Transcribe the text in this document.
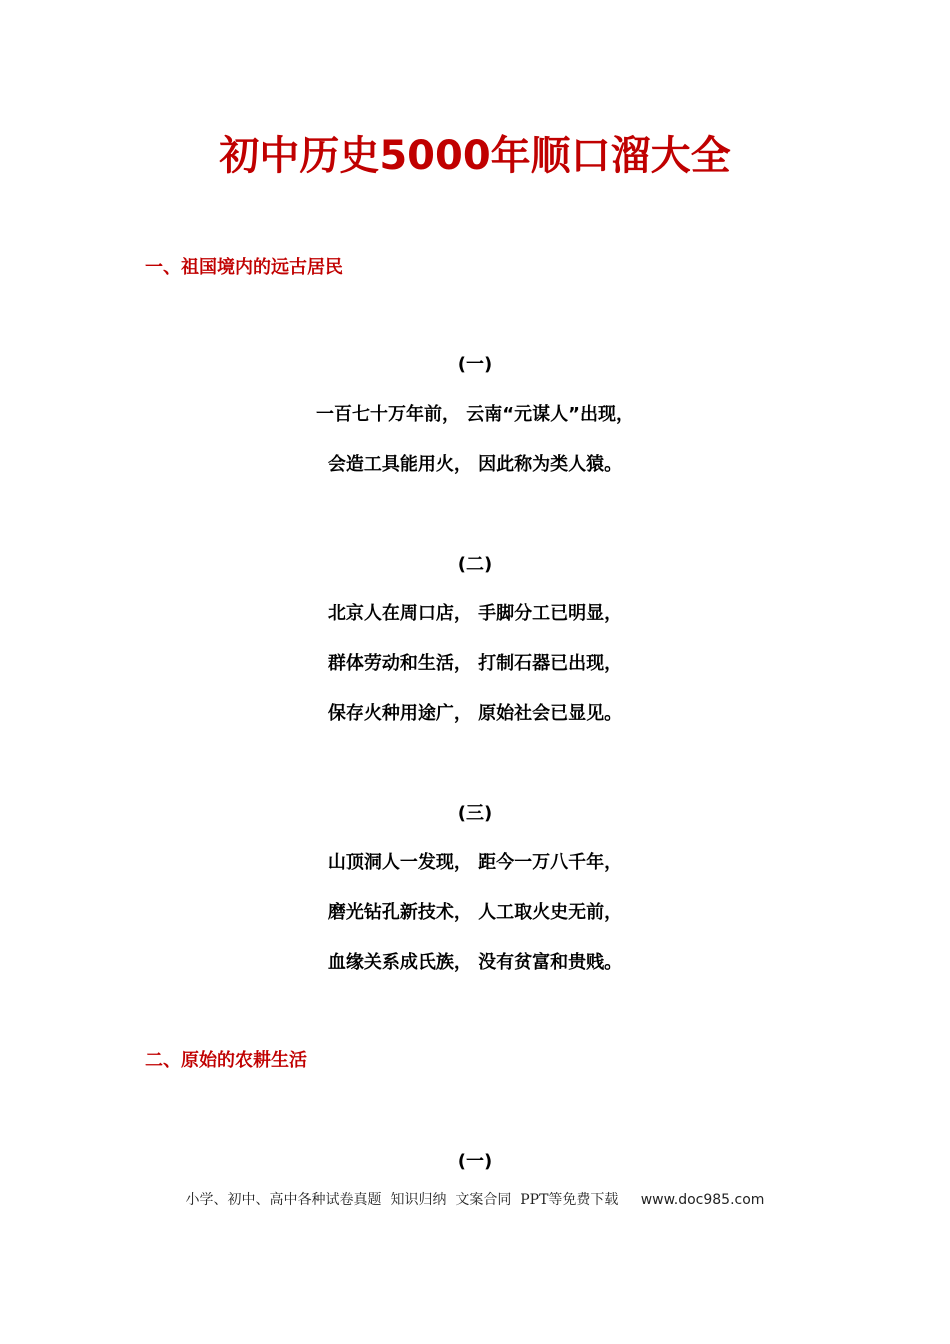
初中历史5000年顺口溜大全
一、祖国境内的远古居民
(一)
一百七十万年前， 云南“元谋人”出现，
会造工具能用火， 因此称为类人猿。
(二)
北京人在周口店， 手脚分工已明显，
群体劳动和生活， 打制石器已出现，
保存火种用途广， 原始社会已显见。
(三)
山顶洞人一发现， 距今一万八千年，
磨光钻孔新技术， 人工取火史无前，
血缘关系成氏族， 没有贫富和贵贱。
二、原始的农耕生活
(一)
小学、初中、高中各种试卷真题  知识归纳  文案合同  PPT等免费下载 www.doc985.com
